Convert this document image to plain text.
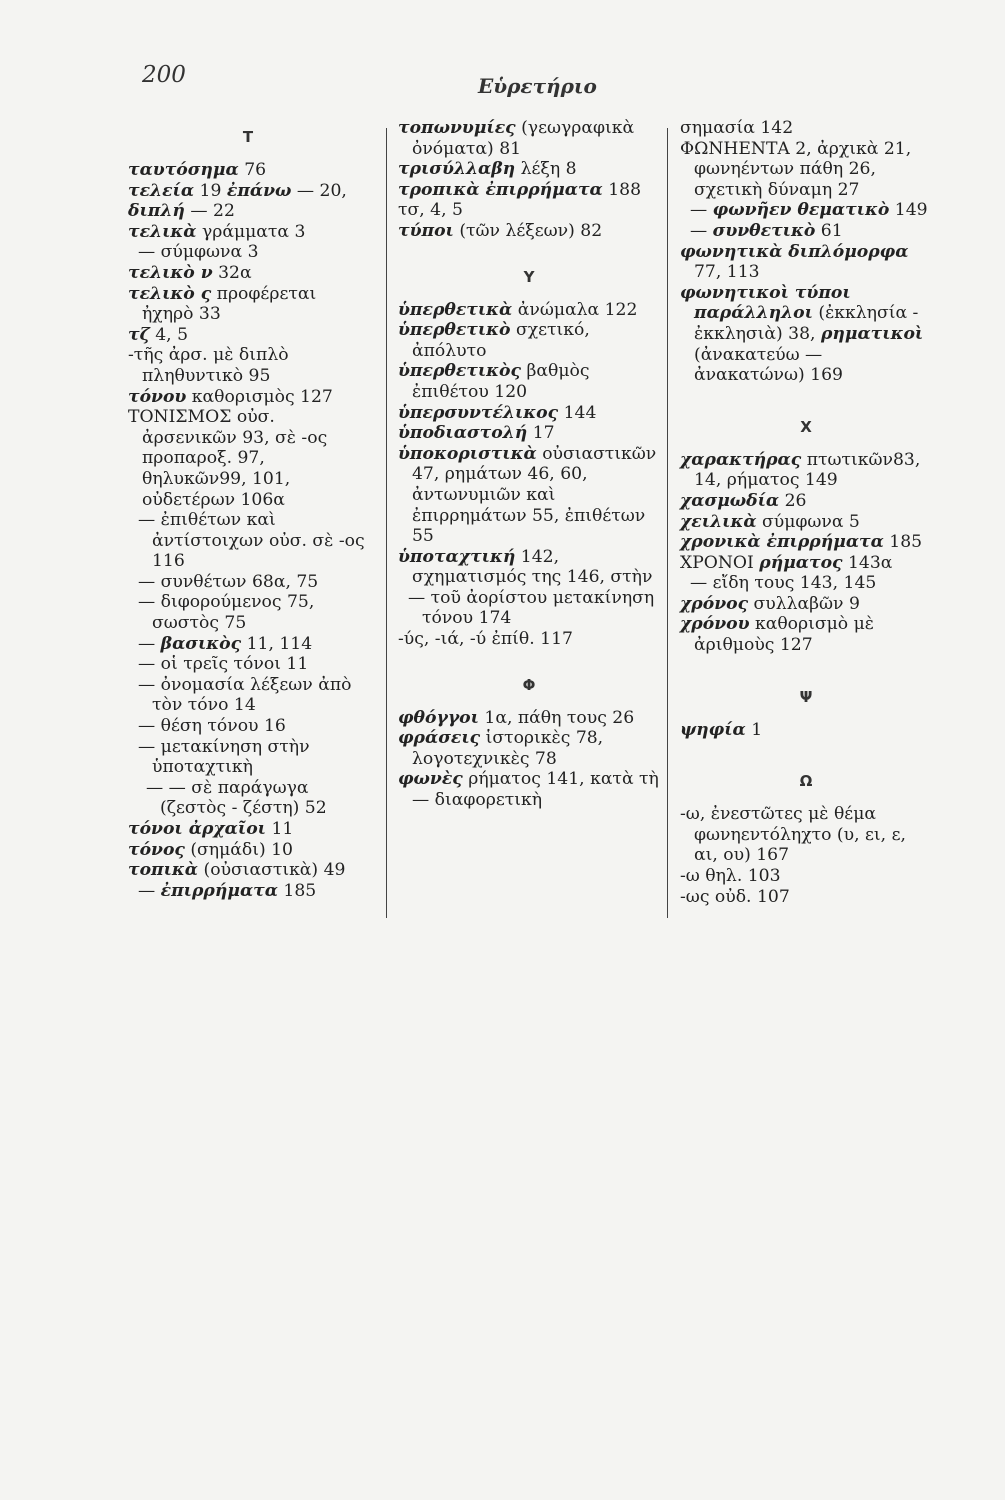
200	Εὑρετήριο
Τ
ταυτόσημα 76
τελεία 19 ἐπάνω — 20,
διπλή — 22
τελικὰ γράμματα 3
— σύμφωνα 3
τελικὸ ν 32α
τελικὸ ς προφέρεται ἠχηρὸ 33
τζ 4, 5
-τῆς ἀρσ. μὲ διπλὸ πληθυντικὸ 95
τόνου καθορισμὸς 127
ΤΟΝΙΣΜΟΣ οὐσ. ἀρσενικῶν 93, σὲ -ος προπαροξ. 97, θηλυκῶν99, 101, οὐδετέρων 106α
— ἐπιθέτων καὶ ἀντίστοιχων οὐσ. σὲ -ος 116
— συνθέτων 68α, 75
— διφορούμενος 75, σωστὸς 75
— βασικὸς 11, 114
— οἱ τρεῖς τόνοι 11
— ὀνομασία λέξεων ἀπὸ τὸν τόνο 14
— θέση τόνου 16
— μετακίνηση στὴν ὑποταχτικὴ
— — σὲ παράγωγα (ζεστὸς - ζέστη) 52
τόνοι ἀρχαῖοι 11
τόνος (σημάδι) 10
τοπικὰ (οὐσιαστικὰ) 49
— ἐπιρρήματα 185
τοπωνυμίες (γεωγραφικὰ ὀνόματα) 81
τρισύλλαβη λέξη 8
τροπικὰ ἐπιρρήματα 188
τσ, 4, 5
τύποι (τῶν λέξεων) 82
Υ
ὑπερθετικὰ ἀνώμαλα 122
ὑπερθετικὸ σχετικό, ἀπόλυτο
ὑπερθετικὸς βαθμὸς ἐπιθέτου 120
ὑπερσυντέλικος 144
ὑποδιαστολή 17
ὑποκοριστικὰ οὐσιαστικῶν 47, ρημάτων 46, 60, ἀντωνυμιῶν καὶ ἐπιρρημάτων 55, ἐπιθέτων 55
ὑποταχτική 142, σχηματισμός της 146, στὴν
— τοῦ ἀορίστου μετακίνηση τόνου 174
-ύς, -ιά, -ύ ἐπίθ. 117
Φ
φθόγγοι 1α, πάθη τους 26
φράσεις ἱστορικὲς 78, λογοτεχνικὲς 78
φωνὲς ρήματος 141, κατὰ τὴ — διαφορετικὴ
σημασία 142
ΦΩΝΗΕΝΤΑ 2, ἀρχικὰ 21, φωνηέντων πάθη 26, σχετικὴ δύναμη 27
— φωνῆεν θεματικὸ 149
— συνθετικὸ 61
φωνητικὰ διπλόμορφα 77, 113
φωνητικοὶ τύποι παράλληλοι (ἐκκλησία - ἐκκλησιὰ) 38, ρηματικοὶ (ἀνακατεύω — ἀνακατώνω) 169
Χ
χαρακτήρας πτωτικῶν83, 14, ρήματος 149
χασμωδία 26
χειλικὰ σύμφωνα 5
χρονικὰ ἐπιρρήματα 185
ΧΡΟΝΟΙ ρήματος 143α
— εἴδη τους 143, 145
χρόνος συλλαβῶν 9
χρόνου καθορισμὸ μὲ ἀριθμοὺς 127
Ψ
ψηφία 1
Ω
-ω, ἐνεστῶτες μὲ θέμα φωνηεντόληχτο (υ, ει, ε, αι, ου) 167
-ω θηλ. 103
-ως οὐδ. 107
